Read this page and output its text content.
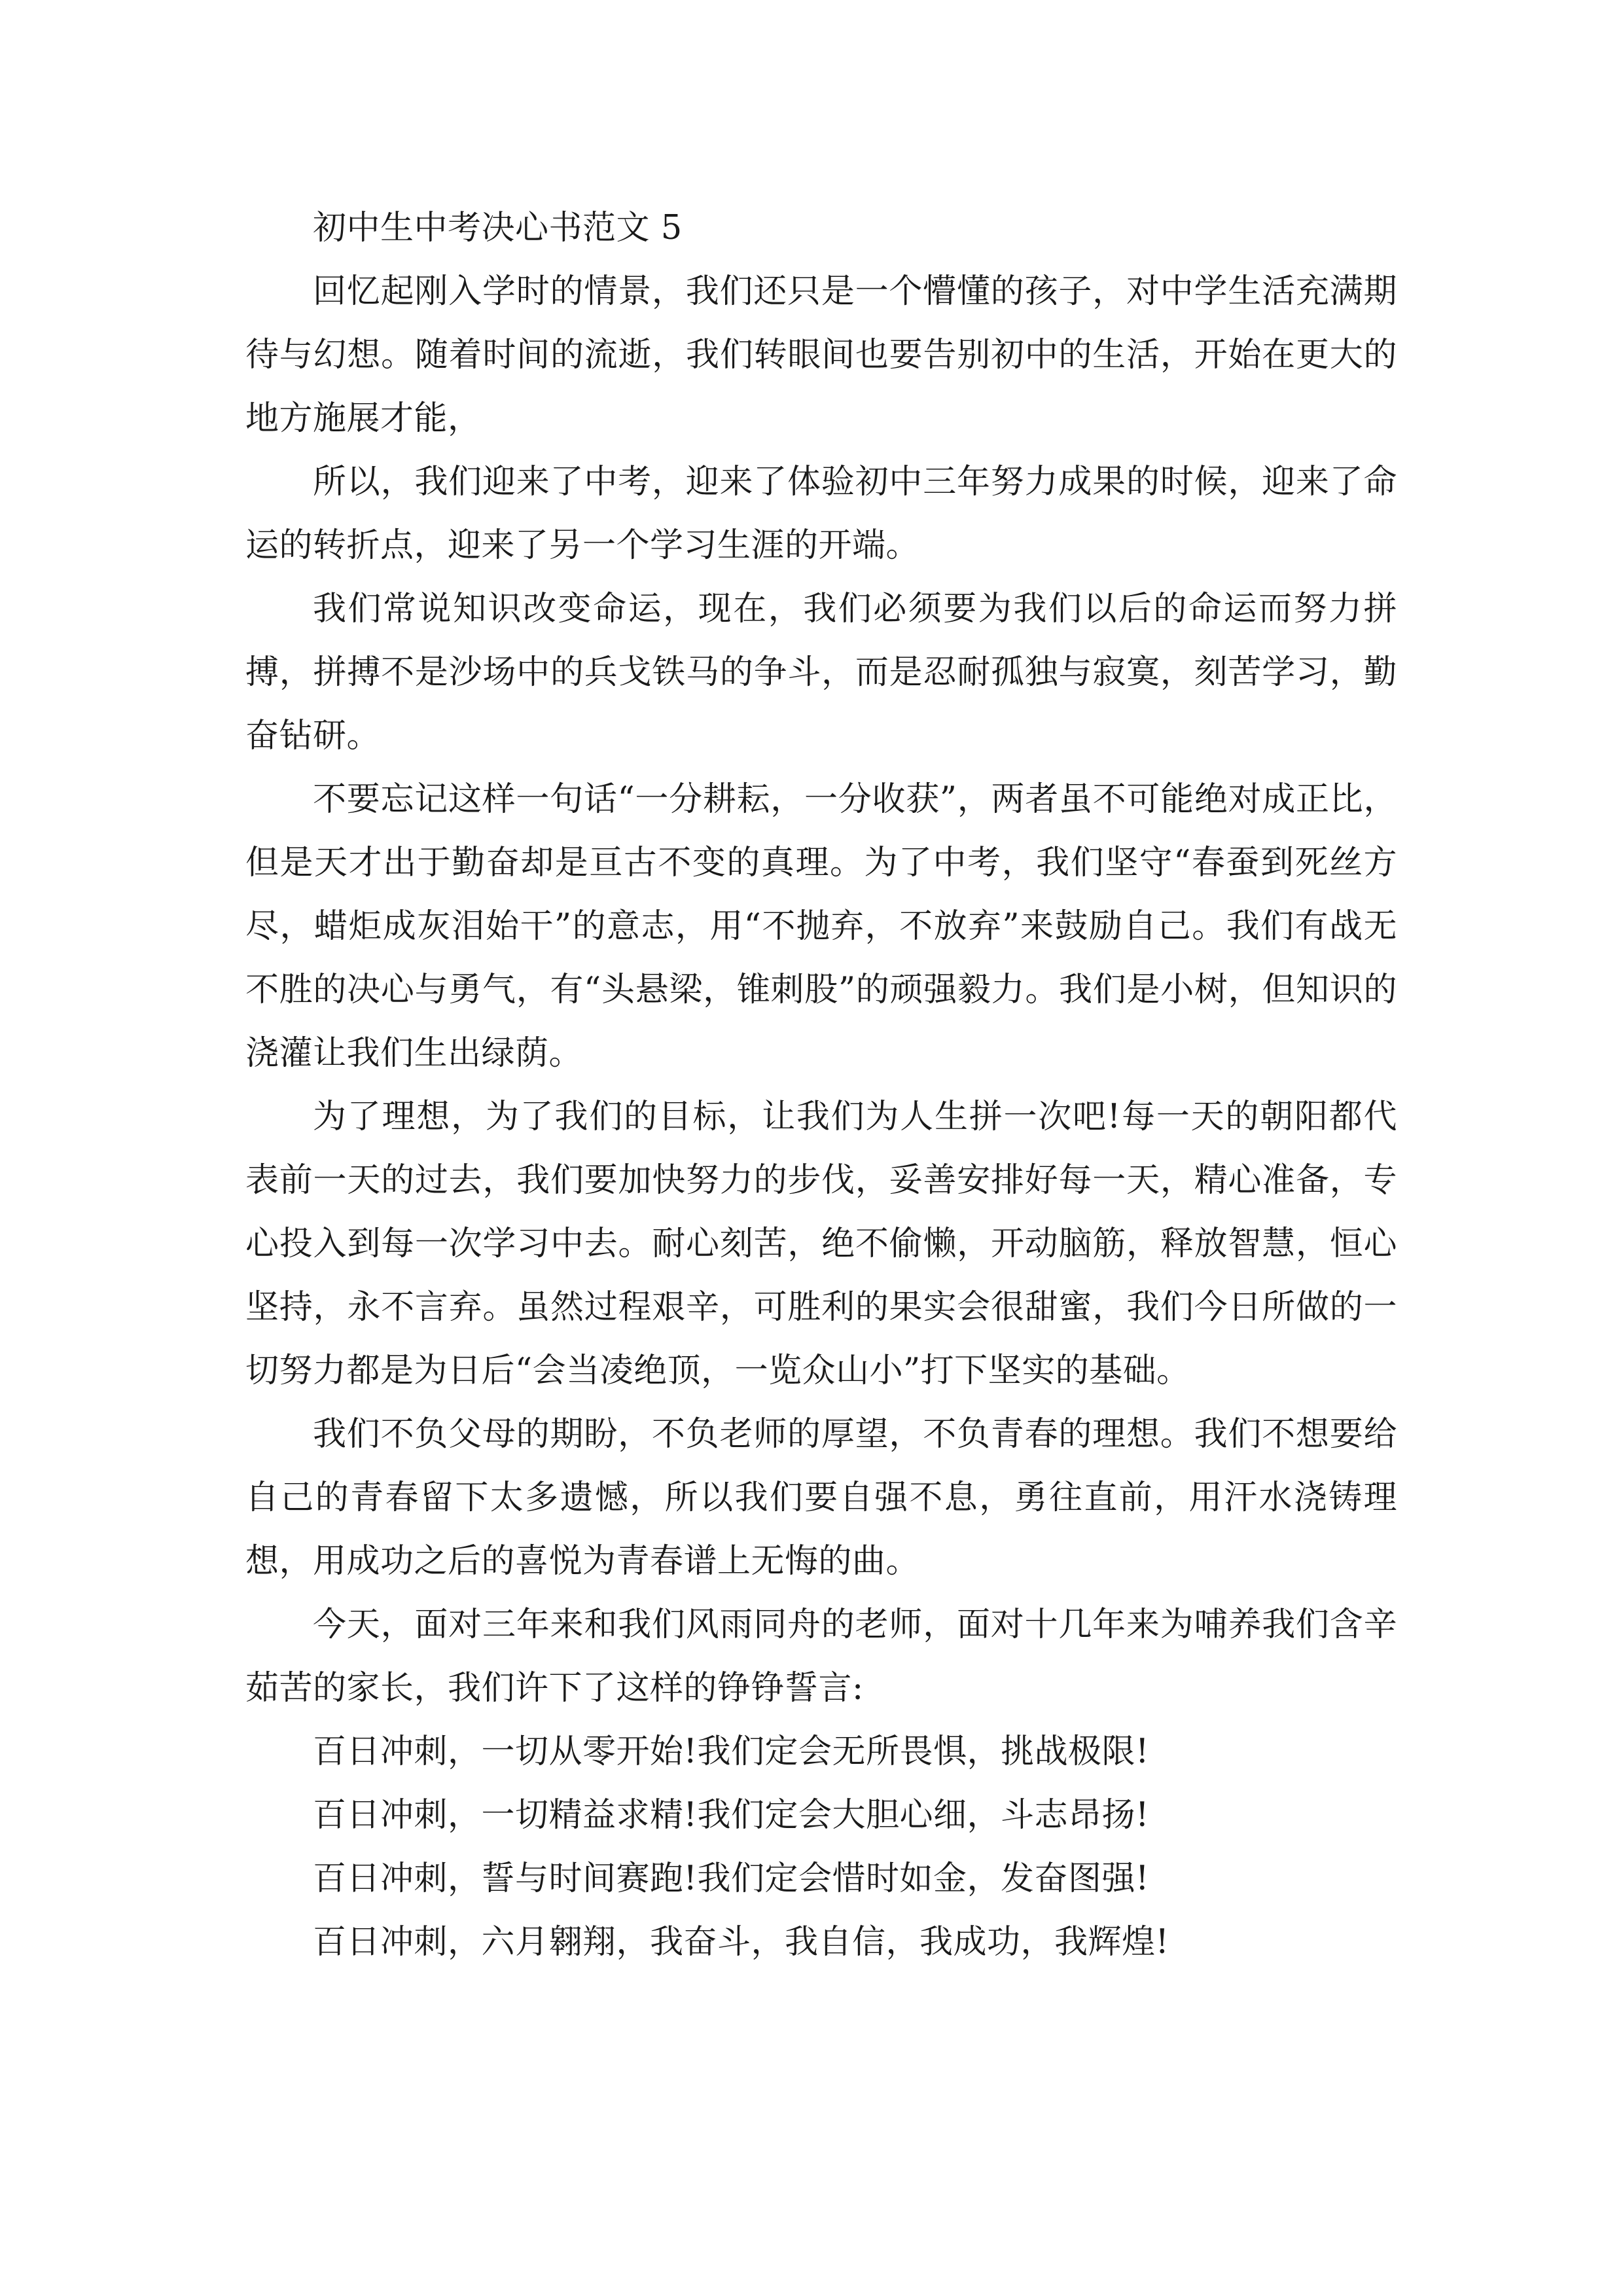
初中生中考决心书范文 5

回忆起刚入学时的情景，我们还只是一个懵懂的孩子，对中学生活充满期待与幻想。随着时间的流逝，我们转眼间也要告别初中的生活，开始在更大的地方施展才能，

所以，我们迎来了中考，迎来了体验初中三年努力成果的时候，迎来了命运的转折点，迎来了另一个学习生涯的开端。

我们常说知识改变命运，现在，我们必须要为我们以后的命运而努力拼搏，拼搏不是沙场中的兵戈铁马的争斗，而是忍耐孤独与寂寞，刻苦学习，勤奋钻研。

不要忘记这样一句话“一分耕耘，一分收获”，两者虽不可能绝对成正比，但是天才出于勤奋却是亘古不变的真理。为了中考，我们坚守“春蚕到死丝方尽，蜡炬成灰泪始干”的意志，用“不抛弃，不放弃”来鼓励自己。我们有战无不胜的决心与勇气，有“头悬梁，锥刺股”的顽强毅力。我们是小树，但知识的浇灌让我们生出绿荫。

为了理想，为了我们的目标，让我们为人生拼一次吧!每一天的朝阳都代表前一天的过去，我们要加快努力的步伐，妥善安排好每一天，精心准备，专心投入到每一次学习中去。耐心刻苦，绝不偷懒，开动脑筋，释放智慧，恒心坚持，永不言弃。虽然过程艰辛，可胜利的果实会很甜蜜，我们今日所做的一切努力都是为日后“会当凌绝顶，一览众山小”打下坚实的基础。

我们不负父母的期盼，不负老师的厚望，不负青春的理想。我们不想要给自己的青春留下太多遗憾，所以我们要自强不息，勇往直前，用汗水浇铸理想，用成功之后的喜悦为青春谱上无悔的曲。

今天，面对三年来和我们风雨同舟的老师，面对十几年来为哺养我们含辛茹苦的家长，我们许下了这样的铮铮誓言:

百日冲刺，一切从零开始!我们定会无所畏惧，挑战极限!

百日冲刺，一切精益求精!我们定会大胆心细，斗志昂扬!

百日冲刺，誓与时间赛跑!我们定会惜时如金，发奋图强!

百日冲刺，六月翱翔，我奋斗，我自信，我成功，我辉煌!
